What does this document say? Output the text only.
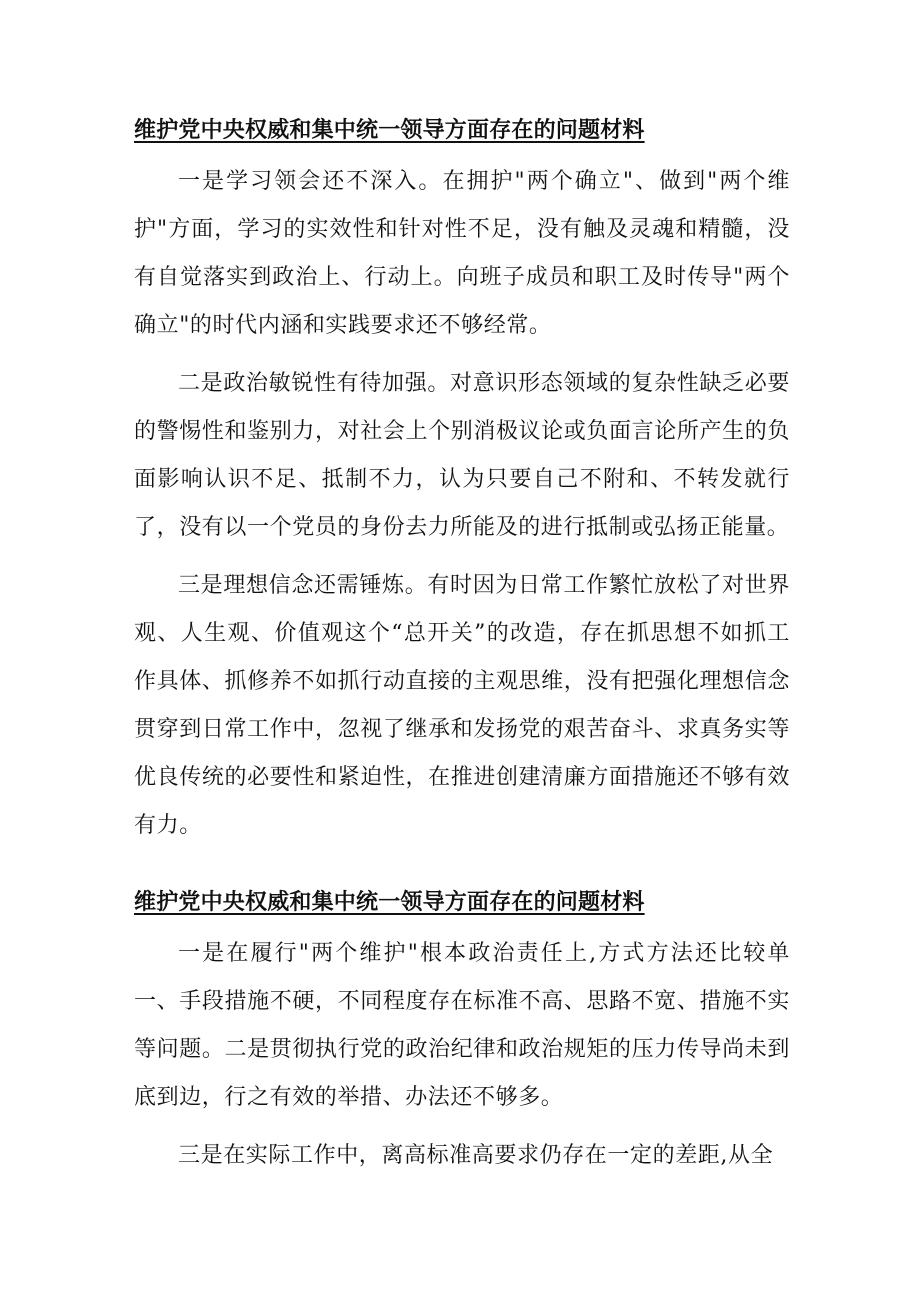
维护党中央权威和集中统一领导方面存在的问题材料

一是学习领会还不深入。在拥护"两个确立"、做到"两个维护"方面，学习的实效性和针对性不足，没有触及灵魂和精髓，没有自觉落实到政治上、行动上。向班子成员和职工及时传导"两个确立"的时代内涵和实践要求还不够经常。

二是政治敏锐性有待加强。对意识形态领域的复杂性缺乏必要的警惕性和鉴别力，对社会上个别消极议论或负面言论所产生的负面影响认识不足、抵制不力，认为只要自己不附和、不转发就行了，没有以一个党员的身份去力所能及的进行抵制或弘扬正能量。

三是理想信念还需锤炼。有时因为日常工作繁忙放松了对世界观、人生观、价值观这个“总开关”的改造，存在抓思想不如抓工作具体、抓修养不如抓行动直接的主观思维，没有把强化理想信念贯穿到日常工作中，忽视了继承和发扬党的艰苦奋斗、求真务实等优良传统的必要性和紧迫性，在推进创建清廉方面措施还不够有效有力。

维护党中央权威和集中统一领导方面存在的问题材料

一是在履行"两个维护"根本政治责任上,方式方法还比较单一、手段措施不硬，不同程度存在标准不高、思路不宽、措施不实等问题。二是贯彻执行党的政治纪律和政治规矩的压力传导尚未到底到边，行之有效的举措、办法还不够多。

三是在实际工作中，离高标准高要求仍存在一定的差距,从全
